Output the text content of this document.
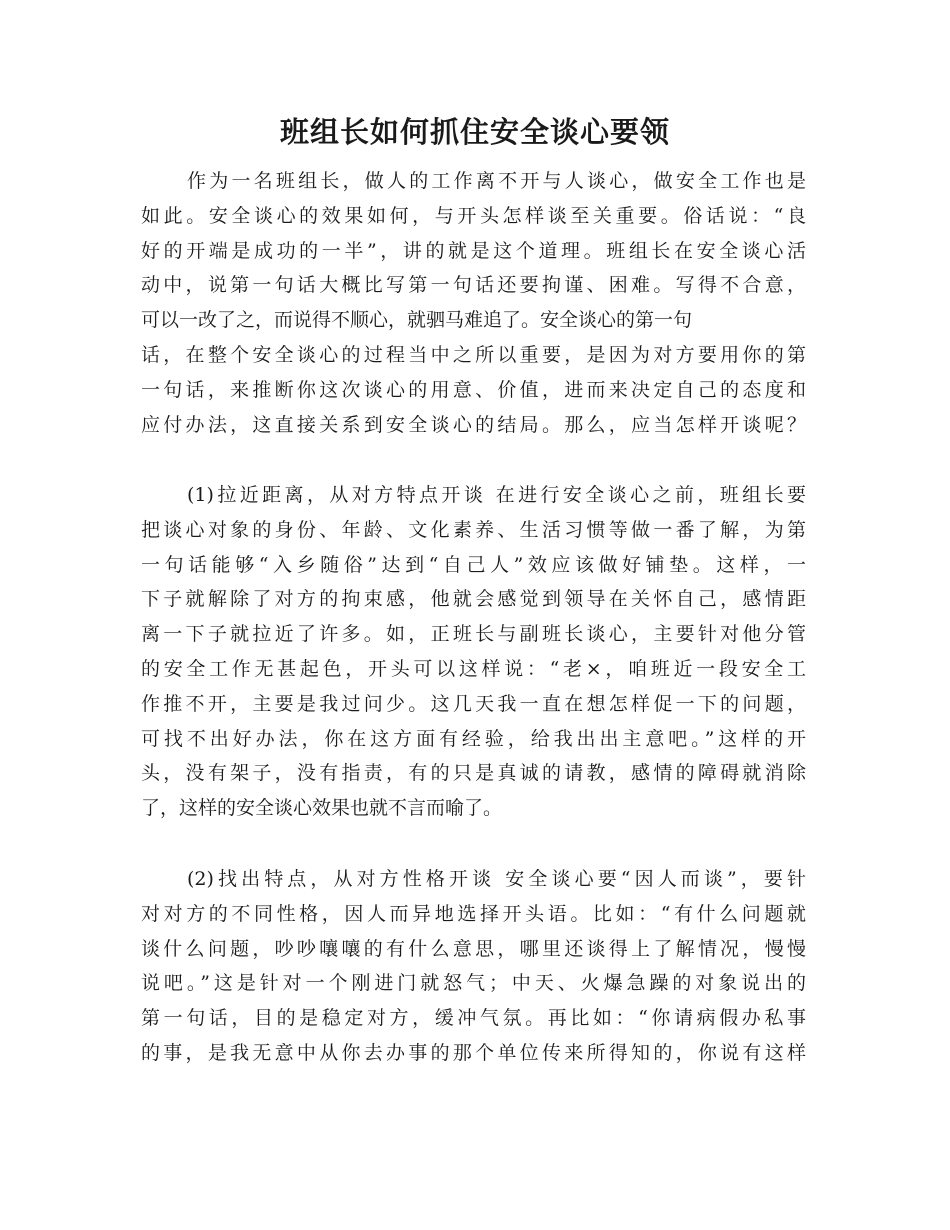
班组长如何抓住安全谈心要领
作为一名班组长，做人的工作离不开与人谈心，做安全工作也是
如此。安全谈心的效果如何，与开头怎样谈至关重要。俗话说：“良
好的开端是成功的一半”，讲的就是这个道理。班组长在安全谈心活
动中，说第一句话大概比写第一句话还要拘谨、困难。写得不合意，
可以一改了之，而说得不顺心，就驷马难追了。安全谈心的第一句
话，在整个安全谈心的过程当中之所以重要，是因为对方要用你的第
一句话，来推断你这次谈心的用意、价值，进而来决定自己的态度和
应付办法，这直接关系到安全谈心的结局。那么，应当怎样开谈呢？
(1)拉近距离，从对方特点开谈 在进行安全谈心之前，班组长要
把谈心对象的身份、年龄、文化素养、生活习惯等做一番了解，为第
一句话能够“入乡随俗”达到“自己人”效应该做好铺垫。这样，一
下子就解除了对方的拘束感，他就会感觉到领导在关怀自己，感情距
离一下子就拉近了许多。如，正班长与副班长谈心，主要针对他分管
的安全工作无甚起色，开头可以这样说：“老×，咱班近一段安全工
作推不开，主要是我过问少。这几天我一直在想怎样促一下的问题，
可找不出好办法，你在这方面有经验，给我出出主意吧。”这样的开
头，没有架子，没有指责，有的只是真诚的请教，感情的障碍就消除
了，这样的安全谈心效果也就不言而喻了。
(2)找出特点，从对方性格开谈 安全谈心要“因人而谈”，要针
对对方的不同性格，因人而异地选择开头语。比如：“有什么问题就
谈什么问题，吵吵嚷嚷的有什么意思，哪里还谈得上了解情况，慢慢
说吧。”这是针对一个刚进门就怒气；中天、火爆急躁的对象说出的
第一句话，目的是稳定对方，缓冲气氛。再比如：“你请病假办私事
的事，是我无意中从你去办事的那个单位传来所得知的，你说有这样
